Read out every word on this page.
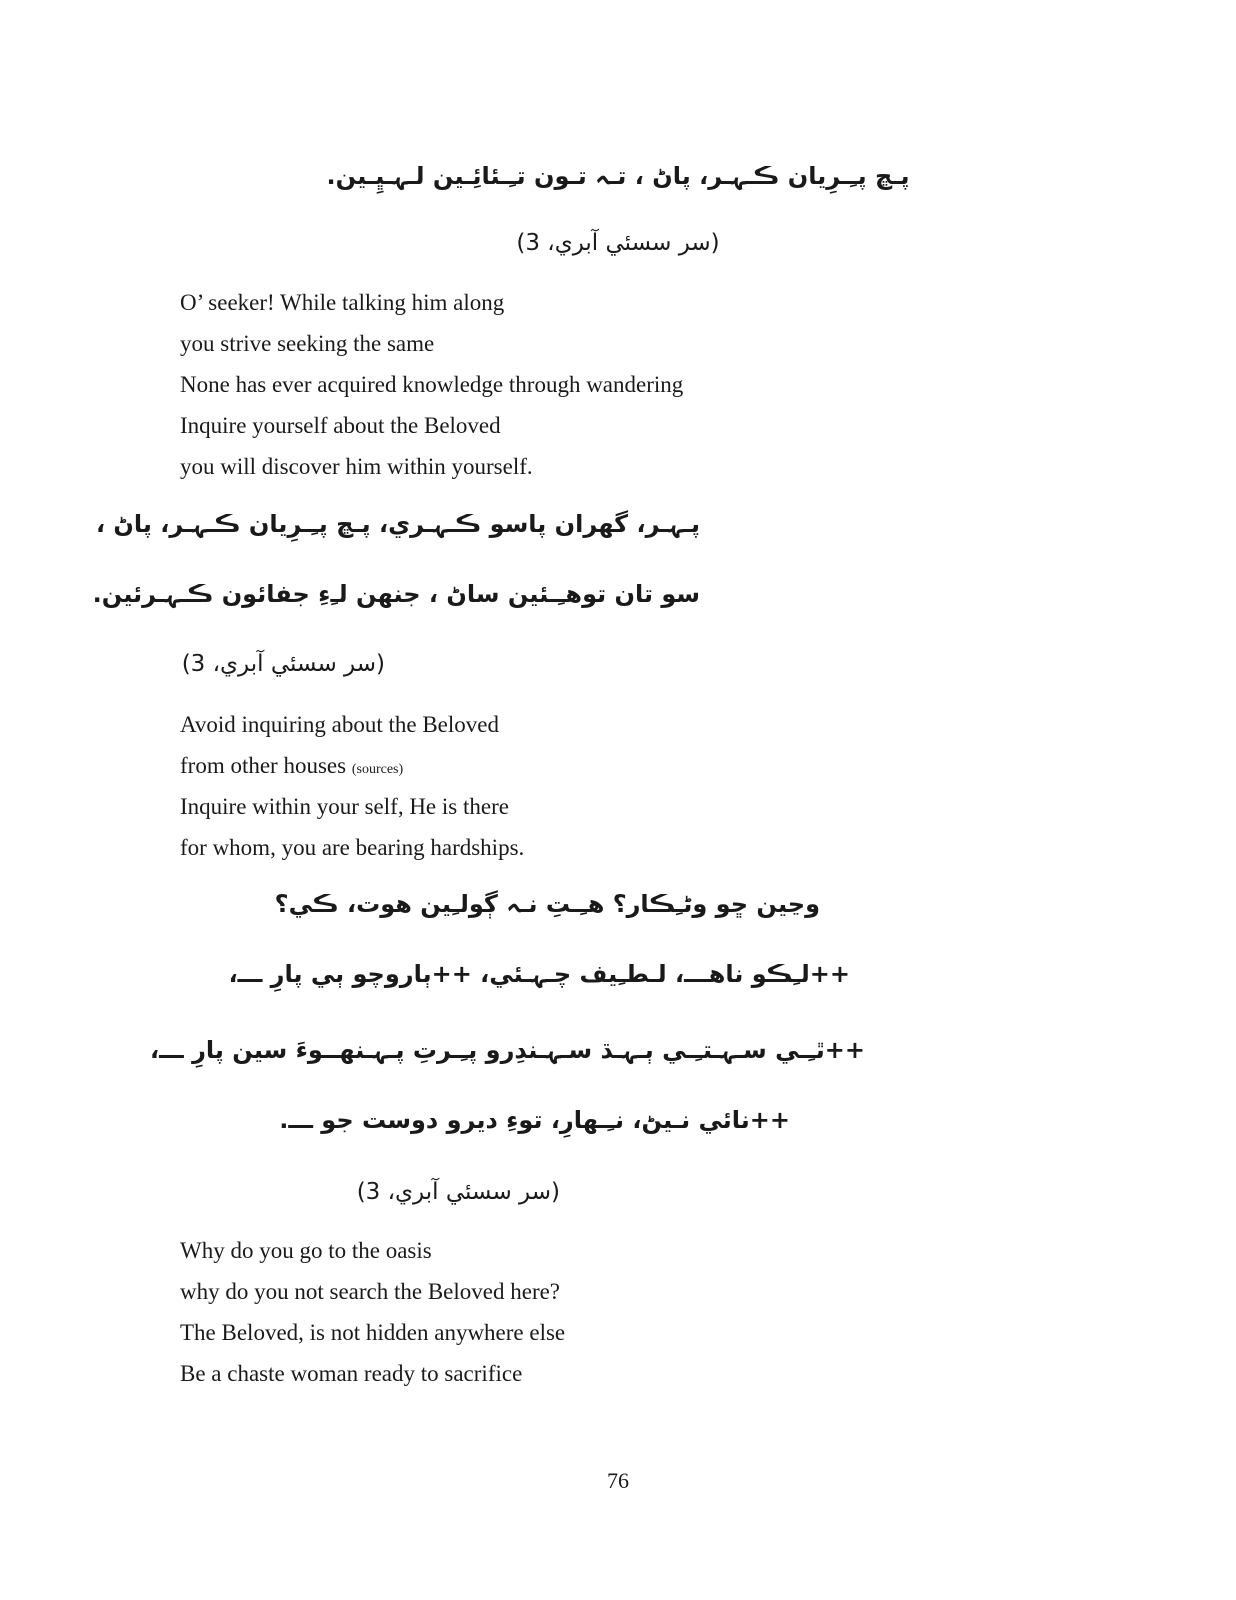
پـڇ پـِـرِيان ڪـہ‍ـر، پاڻ ، تـہ تـون تـِـئائِـين لـہ‍ـڀِـين.
(سر سسئي آبري، 3)
O’ seeker! While talking him along
you strive seeking the same
None has ever acquired knowledge through wandering
Inquire yourself about the Beloved
you will discover him within yourself.
پـہ‍ـر، گهران پاسو ڪـہ‍ـري، پـڇ پـِـرِيان ڪـہ‍ـر، پاڻ ،
سو تان توهـِـئين ساڻ ، جنهن لـِءِ جفائون ڪـہ‍ـرئين.
(سر سسئي آبري، 3)
Avoid inquiring about the Beloved
from other houses (sources)
Inquire within your self, He is there
for whom, you are bearing hardships.
وڃين ڇو وڻـِڪار؟ هـِـتِ نـہ ڳولـِين هوت، ڪي؟
++لـِڪو ناهـــ، لـطـِيف چـہ‍ـئي، ++ٻاروچو ٻي پارِ ـــ،
++ٿـِـي سـہ‍ـتـِـي ٻـہ‍ـڌ سـہ‍ـندِرو پـِـرتِ پـہ‍ـنهـ‍ـوءَ سين پارِ ـــ،
++نائي نـيڻ، نـِـهارِ، توءِ ديرو دوست جو ـــ.
(سر سسئي آبري، 3)
Why do you go to the oasis
why do you not search the Beloved here?
The Beloved, is not hidden anywhere else
Be a chaste woman ready to sacrifice
76
